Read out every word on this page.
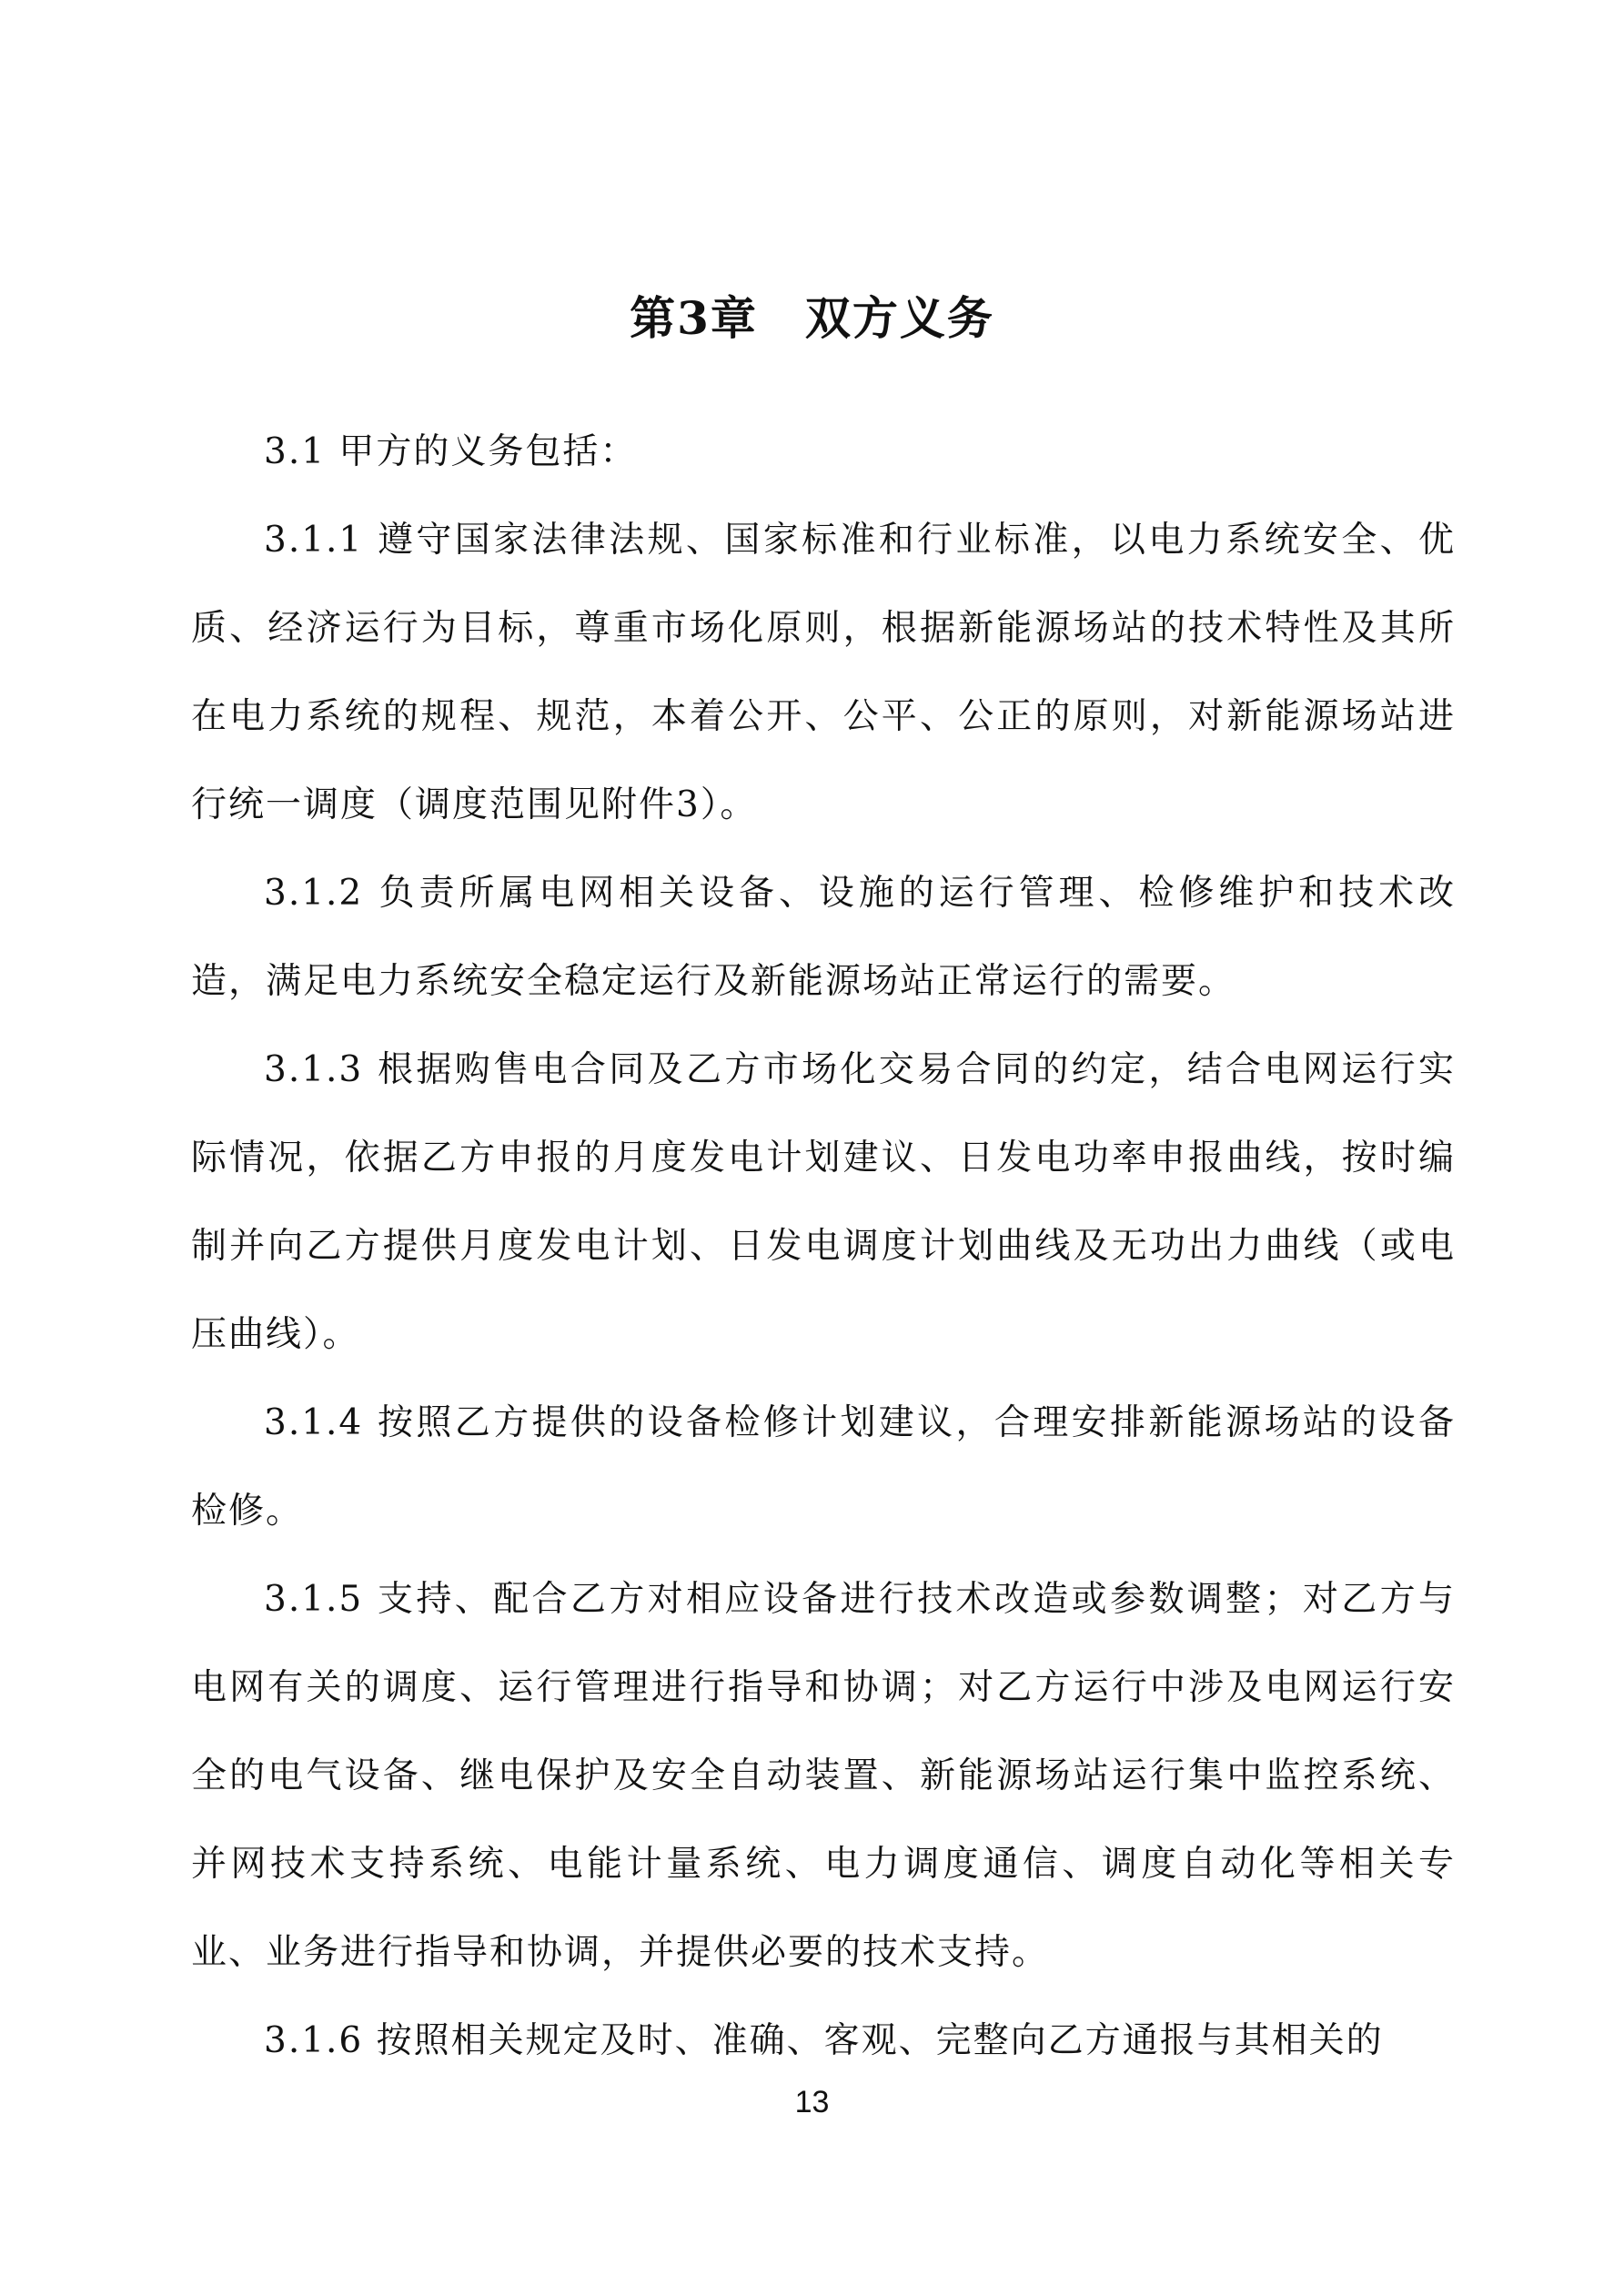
第3章　双方义务

3.1 甲方的义务包括：

3.1.1 遵守国家法律法规、国家标准和行业标准，以电力系统安全、优质、经济运行为目标，尊重市场化原则，根据新能源场站的技术特性及其所在电力系统的规程、规范，本着公开、公平、公正的原则，对新能源场站进行统一调度（调度范围见附件3）。

3.1.2 负责所属电网相关设备、设施的运行管理、检修维护和技术改造，满足电力系统安全稳定运行及新能源场站正常运行的需要。

3.1.3 根据购售电合同及乙方市场化交易合同的约定，结合电网运行实际情况，依据乙方申报的月度发电计划建议、日发电功率申报曲线，按时编制并向乙方提供月度发电计划、日发电调度计划曲线及无功出力曲线（或电压曲线）。

3.1.4 按照乙方提供的设备检修计划建议，合理安排新能源场站的设备检修。

3.1.5 支持、配合乙方对相应设备进行技术改造或参数调整；对乙方与电网有关的调度、运行管理进行指导和协调；对乙方运行中涉及电网运行安全的电气设备、继电保护及安全自动装置、新能源场站运行集中监控系统、并网技术支持系统、电能计量系统、电力调度通信、调度自动化等相关专业、业务进行指导和协调，并提供必要的技术支持。

3.1.6 按照相关规定及时、准确、客观、完整向乙方通报与其相关的

13
